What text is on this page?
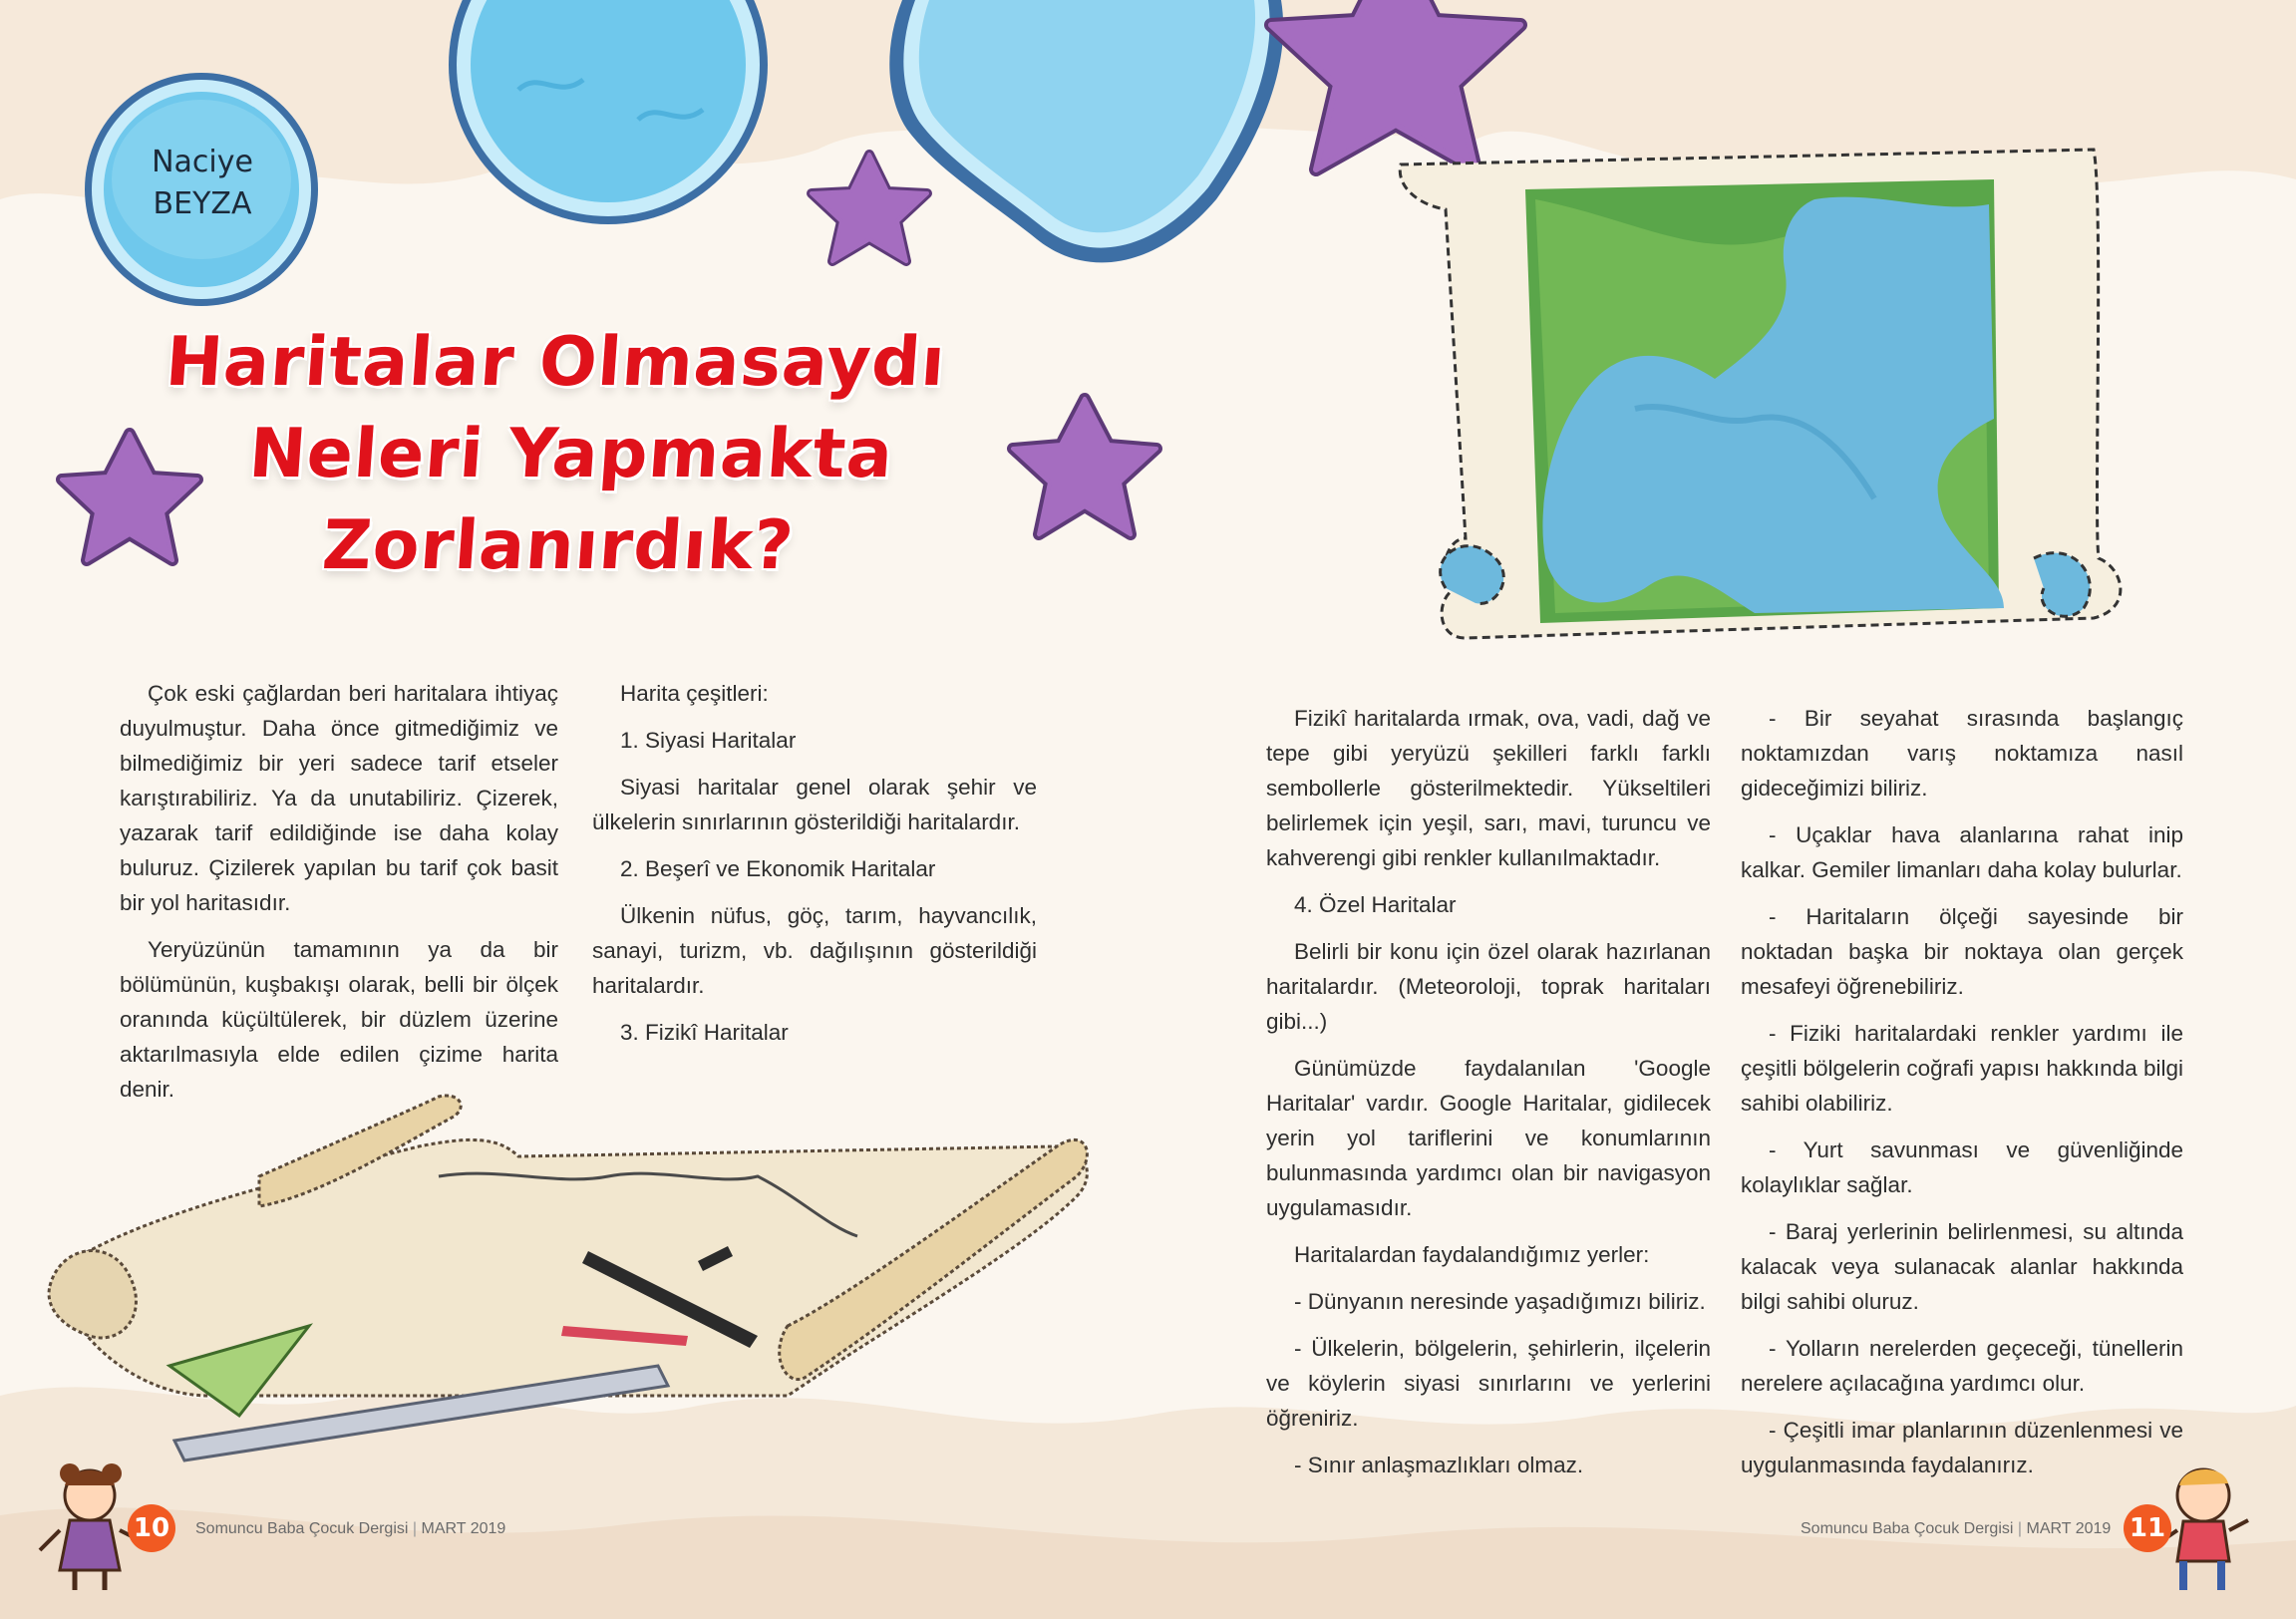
Naciye
BEYZA
Haritalar Olmasaydı
Neleri Yapmakta
Zorlanırdık?

Çok eski çağlardan beri haritalara ihtiyaç duyulmuştur. Daha önce gitmediğimiz ve bilmediğimiz bir yeri sadece tarif etseler karıştırabiliriz. Ya da unutabiliriz. Çizerek, yazarak tarif edildiğinde ise daha kolay buluruz. Çizilerek yapılan bu tarif çok basit bir yol haritasıdır.

Yeryüzünün tamamının ya da bir bölümünün, kuşbakışı olarak, belli bir ölçek oranında küçültülerek, bir düzlem üzerine aktarılmasıyla elde edilen çizime harita denir.

Harita çeşitleri:

1. Siyasi Haritalar

Siyasi haritalar genel olarak şehir ve ülkelerin sınırlarının gösterildiği haritalardır.

2. Beşerî ve Ekonomik Haritalar

Ülkenin nüfus, göç, tarım, hayvancılık, sanayi, turizm, vb. dağılışının gösterildiği haritalardır.

3. Fizikî Haritalar

Fizikî haritalarda ırmak, ova, vadi, dağ ve tepe gibi yeryüzü şekilleri farklı farklı sembollerle gösterilmektedir. Yükseltileri belirlemek için yeşil, sarı, mavi, turuncu ve kahverengi gibi renkler kullanılmaktadır.

4. Özel Haritalar

Belirli bir konu için özel olarak hazırlanan haritalardır. (Meteoroloji, toprak haritaları gibi...)

Günümüzde faydalanılan 'Google Haritalar' vardır. Google Haritalar, gidilecek yerin yol tariflerini ve konumlarının bulunmasında yardımcı olan bir navigasyon uygulamasıdır.

Haritalardan faydalandığımız yerler:

- Dünyanın neresinde yaşadığımızı biliriz.

- Ülkelerin, bölgelerin, şehirlerin, ilçelerin ve köylerin siyasi sınırlarını ve yerlerini öğreniriz.

- Sınır anlaşmazlıkları olmaz.

- Bir seyahat sırasında başlangıç noktamızdan varış noktamıza nasıl gideceğimizi biliriz.

- Uçaklar hava alanlarına rahat inip kalkar. Gemiler limanları daha kolay bulurlar.

- Haritaların ölçeği sayesinde bir noktadan başka bir noktaya olan gerçek mesafeyi öğrenebiliriz.

- Fiziki haritalardaki renkler yardımı ile çeşitli bölgelerin coğrafi yapısı hakkında bilgi sahibi olabiliriz.

- Yurt savunması ve güvenliğinde kolaylıklar sağlar.

- Baraj yerlerinin belirlenmesi, su altında kalacak veya sulanacak alanlar hakkında bilgi sahibi oluruz.

- Yolların nerelerden geçeceği, tünellerin nerelere açılacağına yardımcı olur.

- Çeşitli imar planlarının düzenlenmesi ve uygulanmasında faydalanırız.

10	Somuncu Baba Çocuk Dergisi | MART 2019	Somuncu Baba Çocuk Dergisi | MART 2019 11
